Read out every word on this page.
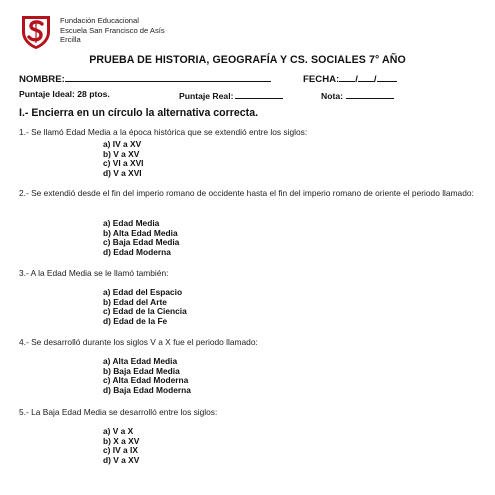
Fundación Educacional
Escuela San Francisco de Asís
Ercilla
PRUEBA DE HISTORIA, GEOGRAFÍA Y CS. SOCIALES 7° AÑO
NOMBRE:	FECHA: / /
Puntaje Ideal: 28 ptos.	Puntaje Real:	Nota:
I.- Encierra en un círculo la alternativa correcta.
1.- Se llamó Edad Media a la época histórica que se extendió entre los siglos:
a) IV a XV
b) V a XV
c) VI a XVI
d) V a XVI
2.- Se extendió desde el fin del imperio romano de occidente hasta el fin del imperio romano de oriente el periodo llamado:
a) Edad Media
b) Alta Edad Media
c) Baja Edad Media
d) Edad Moderna
3.- A la Edad Media se le llamó también:
a) Edad del Espacio
b) Edad del Arte
c) Edad de la Ciencia
d) Edad de la Fe
4.- Se desarrolló durante los siglos V a X fue el periodo llamado:
a) Alta Edad Media
b) Baja Edad Media
c) Alta Edad Moderna
d) Baja Edad Moderna
5.- La Baja Edad Media se desarrolló entre los siglos:
a) V a X
b) X a XV
c) IV a IX
d) V a XV
